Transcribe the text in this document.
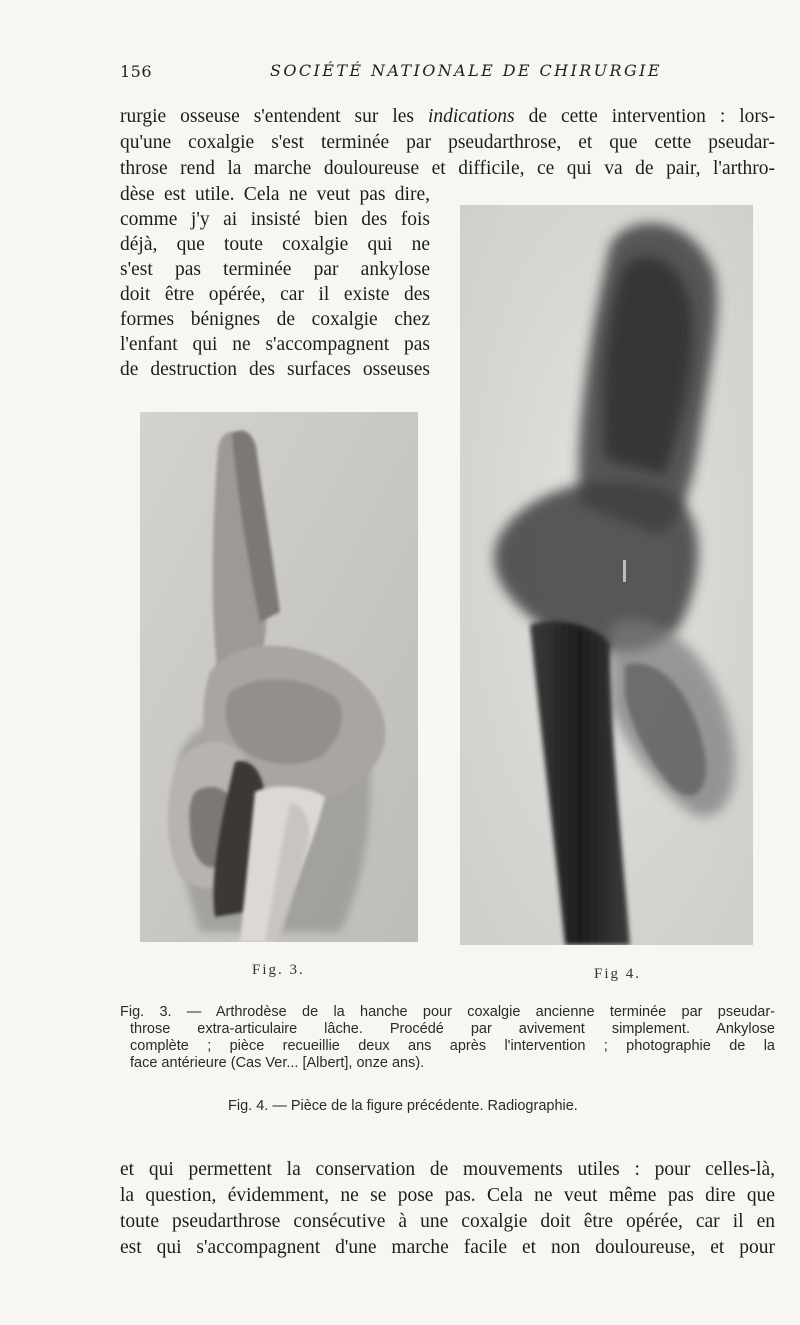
156	SOCIÉTÉ NATIONALE DE CHIRURGIE
rurgie osseuse s'entendent sur les indications de cette intervention : lors-
qu'une coxalgie s'est terminée par pseudarthrose, et que cette pseudar-
throse rend la marche douloureuse et difficile, ce qui va de pair, l'arthro-
dèse est utile. Cela ne veut pas dire,
comme j'y ai insisté bien des fois
déjà, que toute coxalgie qui ne
s'est pas terminée par ankylose
doit être opérée, car il existe des
formes bénignes de coxalgie chez
l'enfant qui ne s'accompagnent pas
de destruction des surfaces osseuses
Fig. 3.	Fig 4.
Fig. 3. — Arthrodèse de la hanche pour coxalgie ancienne terminée par pseudar-
throse extra-articulaire lâche. Procédé par avivement simplement. Ankylose
complète ; pièce recueillie deux ans après l'intervention ; photographie de la
face antérieure (Cas Ver... [Albert], onze ans).
Fig. 4. — Pièce de la figure précédente. Radiographie.
et qui permettent la conservation de mouvements utiles : pour celles-là,
la question, évidemment, ne se pose pas. Cela ne veut même pas dire que
toute pseudarthrose consécutive à une coxalgie doit être opérée, car il en
est qui s'accompagnent d'une marche facile et non douloureuse, et pour
